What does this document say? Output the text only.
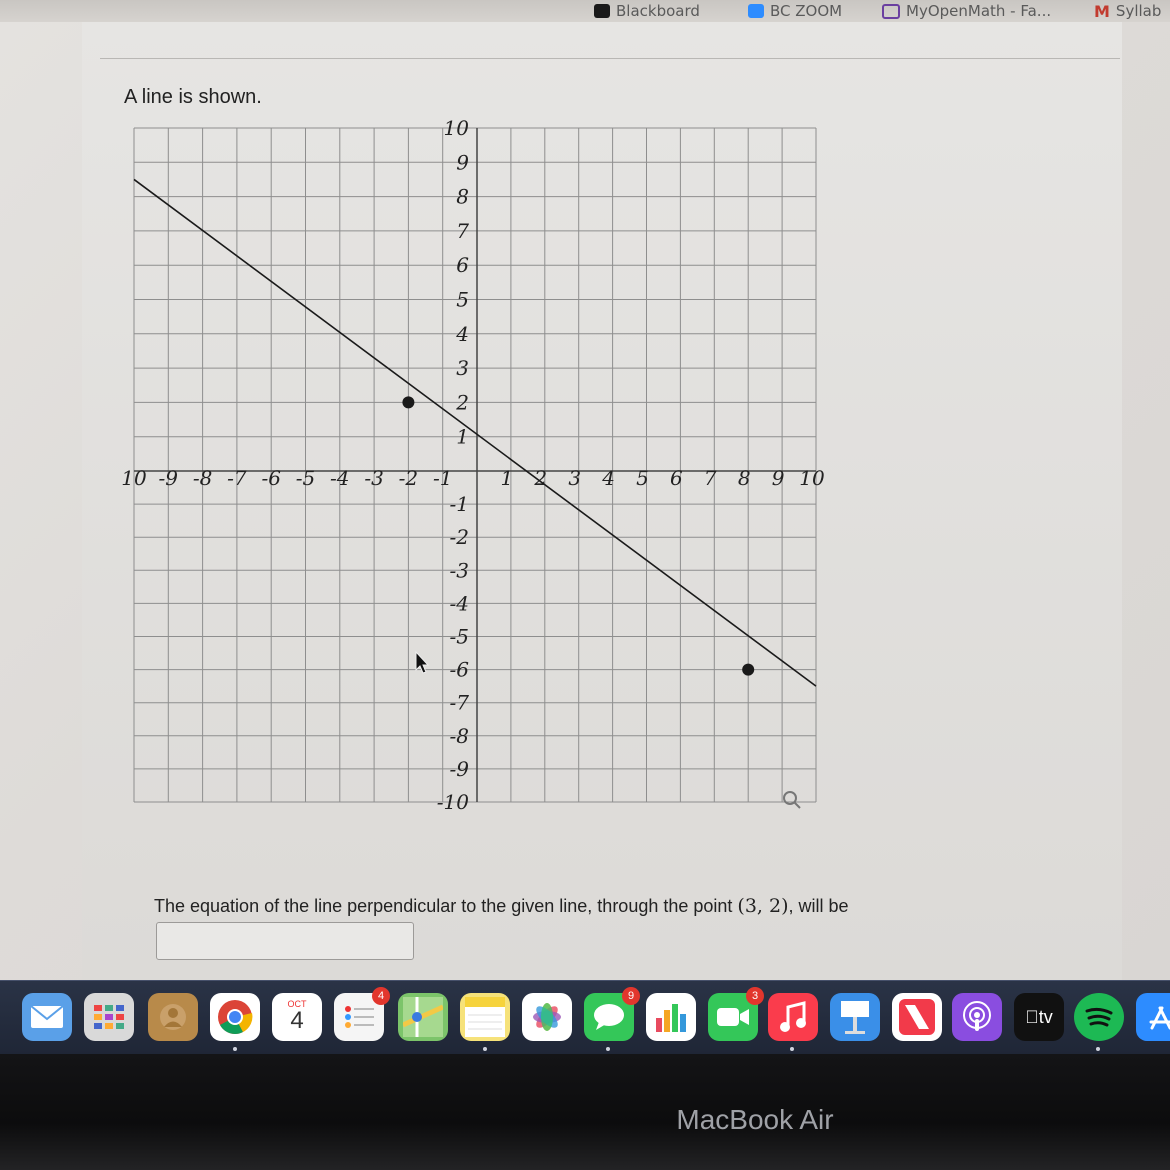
Blackboard	BC ZOOM	MyOpenMath - Fa...	M Syllab
A line is shown.
10 -9 -8 -7 -6 -5 -4 -3 -2 -1 1 2 3 4 5 6 7 8 9 10
10
9
8
7
6
5
4
3
2
1
-1
-2
-3
-4
-5
-6
-7
-8
-9
-10
The equation of the line perpendicular to the given line, through the point (3, 2), will be
OCT
4
4	9	3
tv
MacBook Air
